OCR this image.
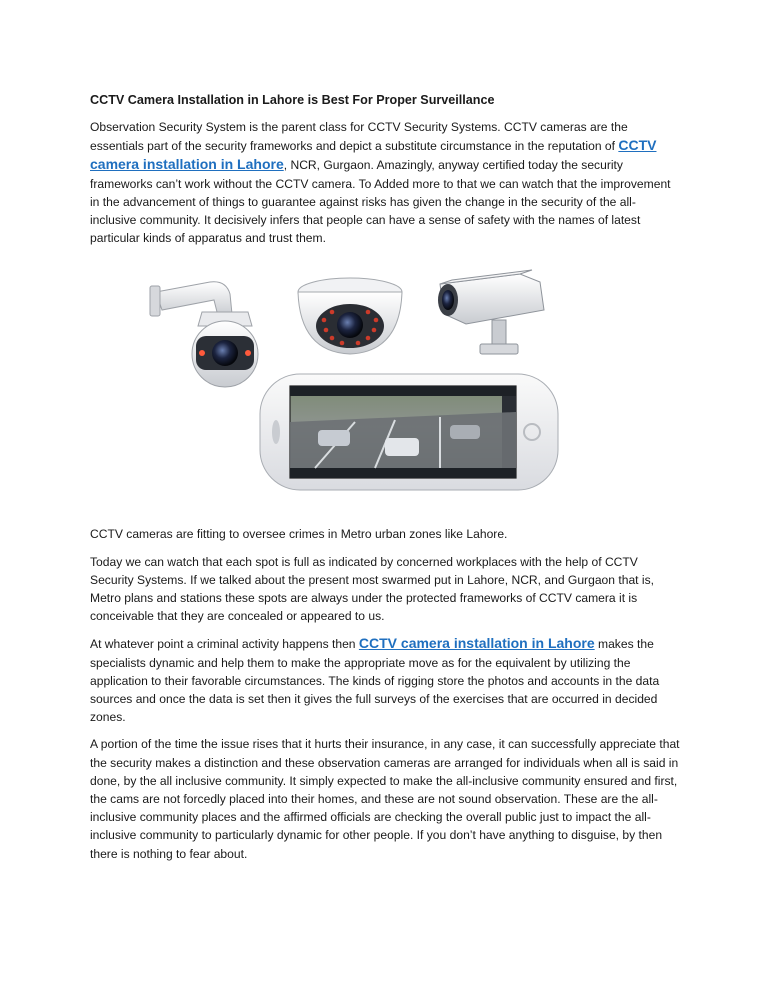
CCTV Camera Installation in Lahore is Best For Proper Surveillance

Observation Security System is the parent class for CCTV Security Systems. CCTV cameras are the essentials part of the security frameworks and depict a substitute circumstance in the reputation of CCTV camera installation in Lahore, NCR, Gurgaon. Amazingly, anyway certified today the security frameworks can’t work without the CCTV camera. To Added more to that we can watch that the improvement in the advancement of things to guarantee against risks has given the change in the security of the all-inclusive community. It decisively infers that people can have a sense of safety with the names of latest particular kinds of apparatus and trust them.

CCTV cameras are fitting to oversee crimes in Metro urban zones like Lahore.

Today we can watch that each spot is full as indicated by concerned workplaces with the help of CCTV Security Systems. If we talked about the present most swarmed put in Lahore, NCR, and Gurgaon that is, Metro plans and stations these spots are always under the protected frameworks of CCTV camera it is conceivable that they are concealed or appeared to us.

At whatever point a criminal activity happens then CCTV camera installation in Lahore makes the specialists dynamic and help them to make the appropriate move as for the equivalent by utilizing the application to their favorable circumstances. The kinds of rigging store the photos and accounts in the data sources and once the data is set then it gives the full surveys of the exercises that are occurred in decided zones.

A portion of the time the issue rises that it hurts their insurance, in any case, it can successfully appreciate that the security makes a distinction and these observation cameras are arranged for individuals when all is said in done, by the all inclusive community. It simply expected to make the all-inclusive community ensured and first, the cams are not forcedly placed into their homes, and these are not sound observation. These are the all-inclusive community places and the affirmed officials are checking the overall public just to impact the all-inclusive community to particularly dynamic for other people. If you don’t have anything to disguise, by then there is nothing to fear about.
